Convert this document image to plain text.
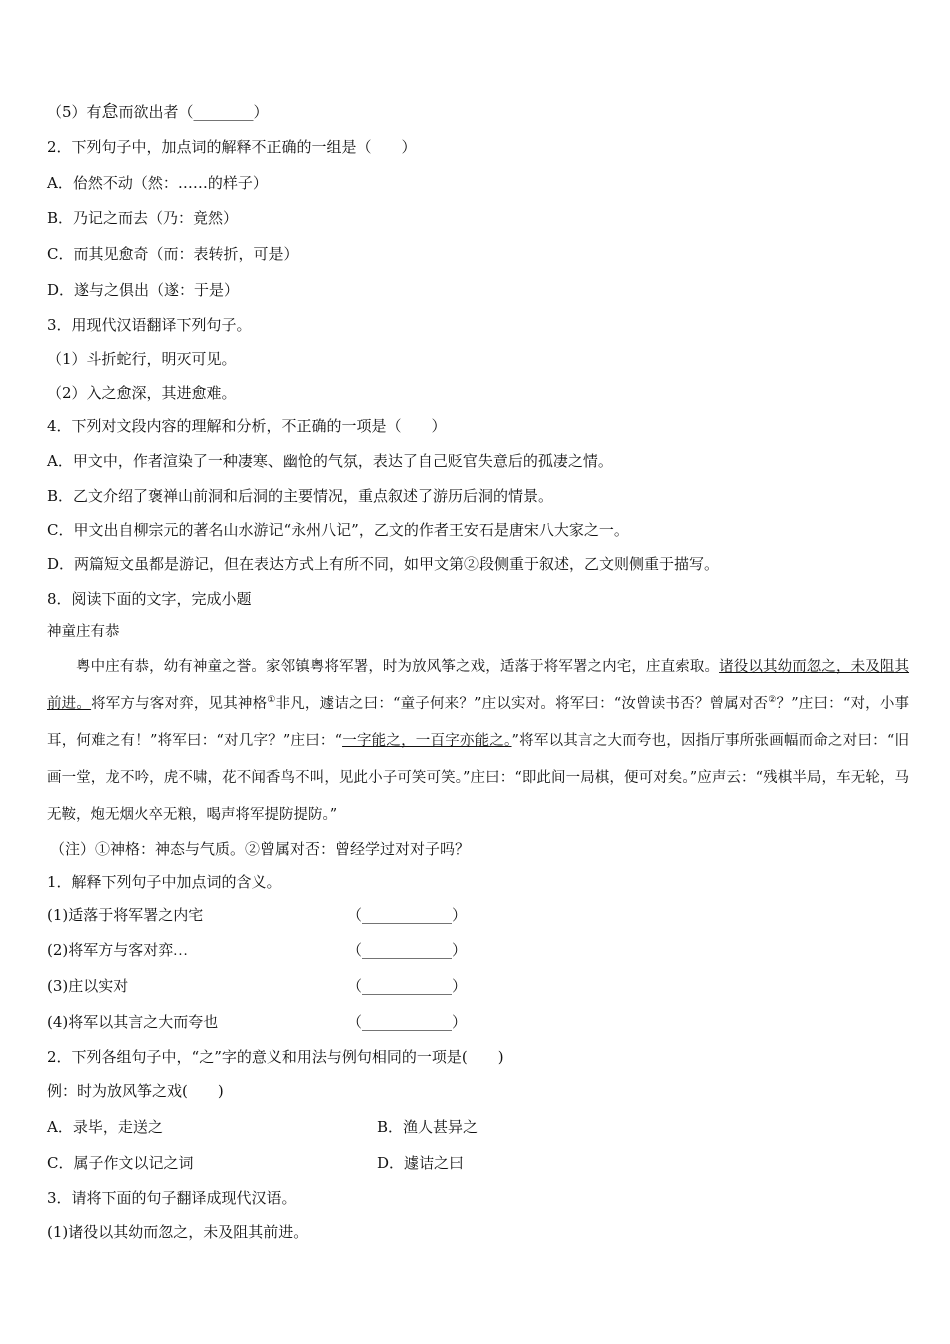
（5）有怠而欲出者（________）
2．下列句子中，加点词的解释不正确的一组是（　　）
A．佁然不动（然：……的样子）
B．乃记之而去（乃：竟然）
C．而其见愈奇（而：表转折，可是）
D．遂与之俱出（遂：于是）
3．用现代汉语翻译下列句子。
（1）斗折蛇行，明灭可见。
（2）入之愈深，其进愈难。
4．下列对文段内容的理解和分析，不正确的一项是（　　）
A．甲文中，作者渲染了一种凄寒、幽怆的气氛，表达了自己贬官失意后的孤凄之情。
B．乙文介绍了褒禅山前洞和后洞的主要情况，重点叙述了游历后洞的情景。
C．甲文出自柳宗元的著名山水游记“永州八记”，乙文的作者王安石是唐宋八大家之一。
D．两篇短文虽都是游记，但在表达方式上有所不同，如甲文第②段侧重于叙述，乙文则侧重于描写。
8．阅读下面的文字，完成小题
神童庄有恭
粤中庄有恭，幼有神童之誉。家邻镇粤将军署，时为放风筝之戏，适落于将军署之内宅，庄直索取。诸役以其幼而忽之，未及阻其前进。将军方与客对弈，见其神格①非凡，遽诘之曰：“童子何来？”庄以实对。将军曰：“汝曾读书否？曾属对否②？”庄曰：“对，小事耳，何难之有！”将军曰：“对几字？”庄曰：“一字能之，一百字亦能之。”将军以其言之大而夸也，因指厅事所张画幅而命之对曰：“旧画一堂，龙不吟，虎不啸，花不闻香鸟不叫，见此小子可笑可笑。”庄曰：“即此间一局棋，便可对矣。”应声云：“残棋半局，车无轮，马无鞍，炮无烟火卒无粮，喝声将军提防提防。”
（注）①神格：神态与气质。②曾属对否：曾经学过对对子吗？
1．解释下列句子中加点词的含义。
(1)适落于将军署之内宅	（____________）
(2)将军方与客对弈...	（____________）
(3)庄以实对	（____________）
(4)将军以其言之大而夸也	（____________）
2．下列各组句子中，“之”字的意义和用法与例句相同的一项是(　　)
例：时为放风筝之戏(　　)
A．录毕，走送之	B．渔人甚异之
C．属子作文以记之词	D．遽诘之曰
3．请将下面的句子翻译成现代汉语。
(1)诸役以其幼而忽之，未及阻其前进。
